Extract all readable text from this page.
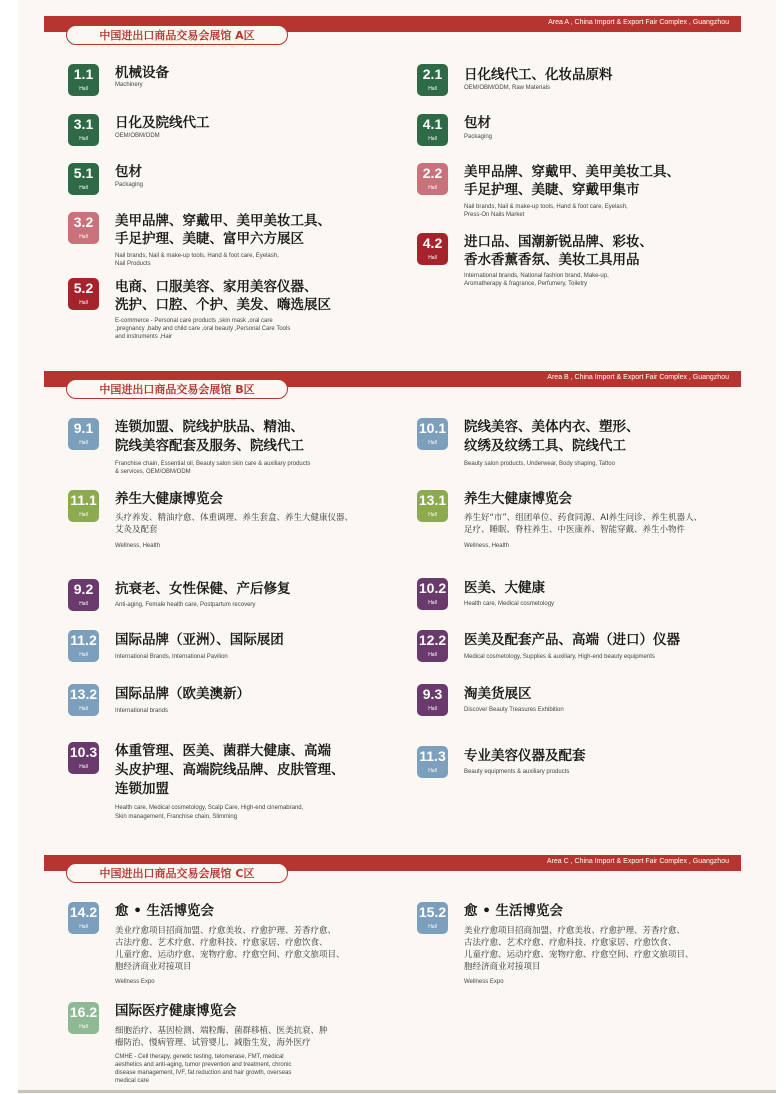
Area A , China Import & Export Fair Complex , Guangzhou
中国进出口商品交易会展馆 A区
1.1
Hall
机械设备
Machinery
2.1
Hall
日化线代工、化妆品原料
OEM/OBM/ODM, Raw Materials
3.1
Hall
日化及院线代工
OEM/OBM/ODM
4.1
Hall
包材
Packaging
5.1
Hall
包材
Packaging
2.2
Hall
美甲品牌、穿戴甲、美甲美妆工具、
手足护理、美睫、穿戴甲集市
Nail brands, Nail & make-up tools, Hand & foot care, Eyelash,
Press-On Nails Market
3.2
Hall
美甲品牌、穿戴甲、美甲美妆工具、
手足护理、美睫、富甲六方展区
Nail brands, Nail & make-up tools, Hand & foot care, Eyelash,
Nail Products
4.2
Hall
进口品、国潮新锐品牌、彩妆、
香水香薰香氛、美妆工具用品
International brands, National fashion brand, Make-up,
Aromatherapy & fragrance, Perfumery, Toiletry
5.2
Hall
电商、口服美容、家用美容仪器、
洗护、口腔、个护、美发、嗨选展区
E-commerce - Personal care products ,skin mask ,oral care
,pregnancy ,baby and child care ,oral beauty ,Personal Care Tools
and instruments ,Hair
Area B , China Import & Export Fair Complex , Guangzhou
中国进出口商品交易会展馆 B区
9.1
Hall
连锁加盟、院线护肤品、精油、
院线美容配套及服务、院线代工
Franchise chain, Essential oil, Beauty salon skin care & auxiliary products
& services, OEM/OBM/ODM
10.1
Hall
院线美容、美体内衣、塑形、
纹绣及纹绣工具、院线代工
Beauty salon products, Underwear, Body shaping, Tattoo
11.1
Hall
养生大健康博览会
头疗养发、精油疗愈、体重调理、养生套盒、养生大健康仪器、
艾灸及配套
Wellness, Health
13.1
Hall
养生大健康博览会
养生好“市”、组团单位、药食同源、AI养生问诊、养生机器人、
足疗、睡眠、脊柱养生、中医康养、智能穿戴、养生小物件
Wellness, Health
9.2
Hall
抗衰老、女性保健、产后修复
Anti-aging, Female health care, Postpartum recovery
10.2
Hall
医美、大健康
Health care, Medical cosmetology
11.2
Hall
国际品牌（亚洲）、国际展团
International Brands, International Pavilion
12.2
Hall
医美及配套产品、高端（进口）仪器
Medical cosmetology, Supplies & auxiliary, High-end beauty equipments
13.2
Hall
国际品牌（欧美澳新）
International brands
9.3
Hall
淘美货展区
Discover Beauty Treasures Exhibition
10.3
Hall
体重管理、医美、菌群大健康、高端
头皮护理、高端院线品牌、皮肤管理、
连锁加盟
Health care, Medical cosmetology, Scalp Care, High-end cinemabrand,
Skin management, Franchise chain, Slimming
11.3
Hall
专业美容仪器及配套
Beauty equipments & auxiliary products
Area C , China Import & Export Fair Complex , Guangzhou
中国进出口商品交易会展馆 C区
14.2
Hall
愈 • 生活博览会
美业疗愈项目招商加盟、疗愈美妆、疗愈护理、芳香疗愈、
古法疗愈、艺术疗愈、疗愈科技、疗愈家居、疗愈饮食、
儿童疗愈、运动疗愈、宠物疗愈、疗愈空间、疗愈文旅项目、
胞经济商业对接项目
Wellness Expo
15.2
Hall
愈 • 生活博览会
美业疗愈项目招商加盟、疗愈美妆、疗愈护理、芳香疗愈、
古法疗愈、艺术疗愈、疗愈科技、疗愈家居、疗愈饮食、
儿童疗愈、运动疗愈、宠物疗愈、疗愈空间、疗愈文旅项目、
胞经济商业对接项目
Wellness Expo
16.2
Hall
国际医疗健康博览会
细胞治疗、基因检测、端粒酶、菌群移植、医美抗衰、肿
瘤防治、慢病管理、试管婴儿、减脂生发，海外医疗
CMHE - Cell therapy, genetic testing, telomerase, FMT, medical
aesthetics and anti-aging, tumor prevention and treatment, chronic
disease management, IVF, fat reduction and hair growth, overseas
medical care
